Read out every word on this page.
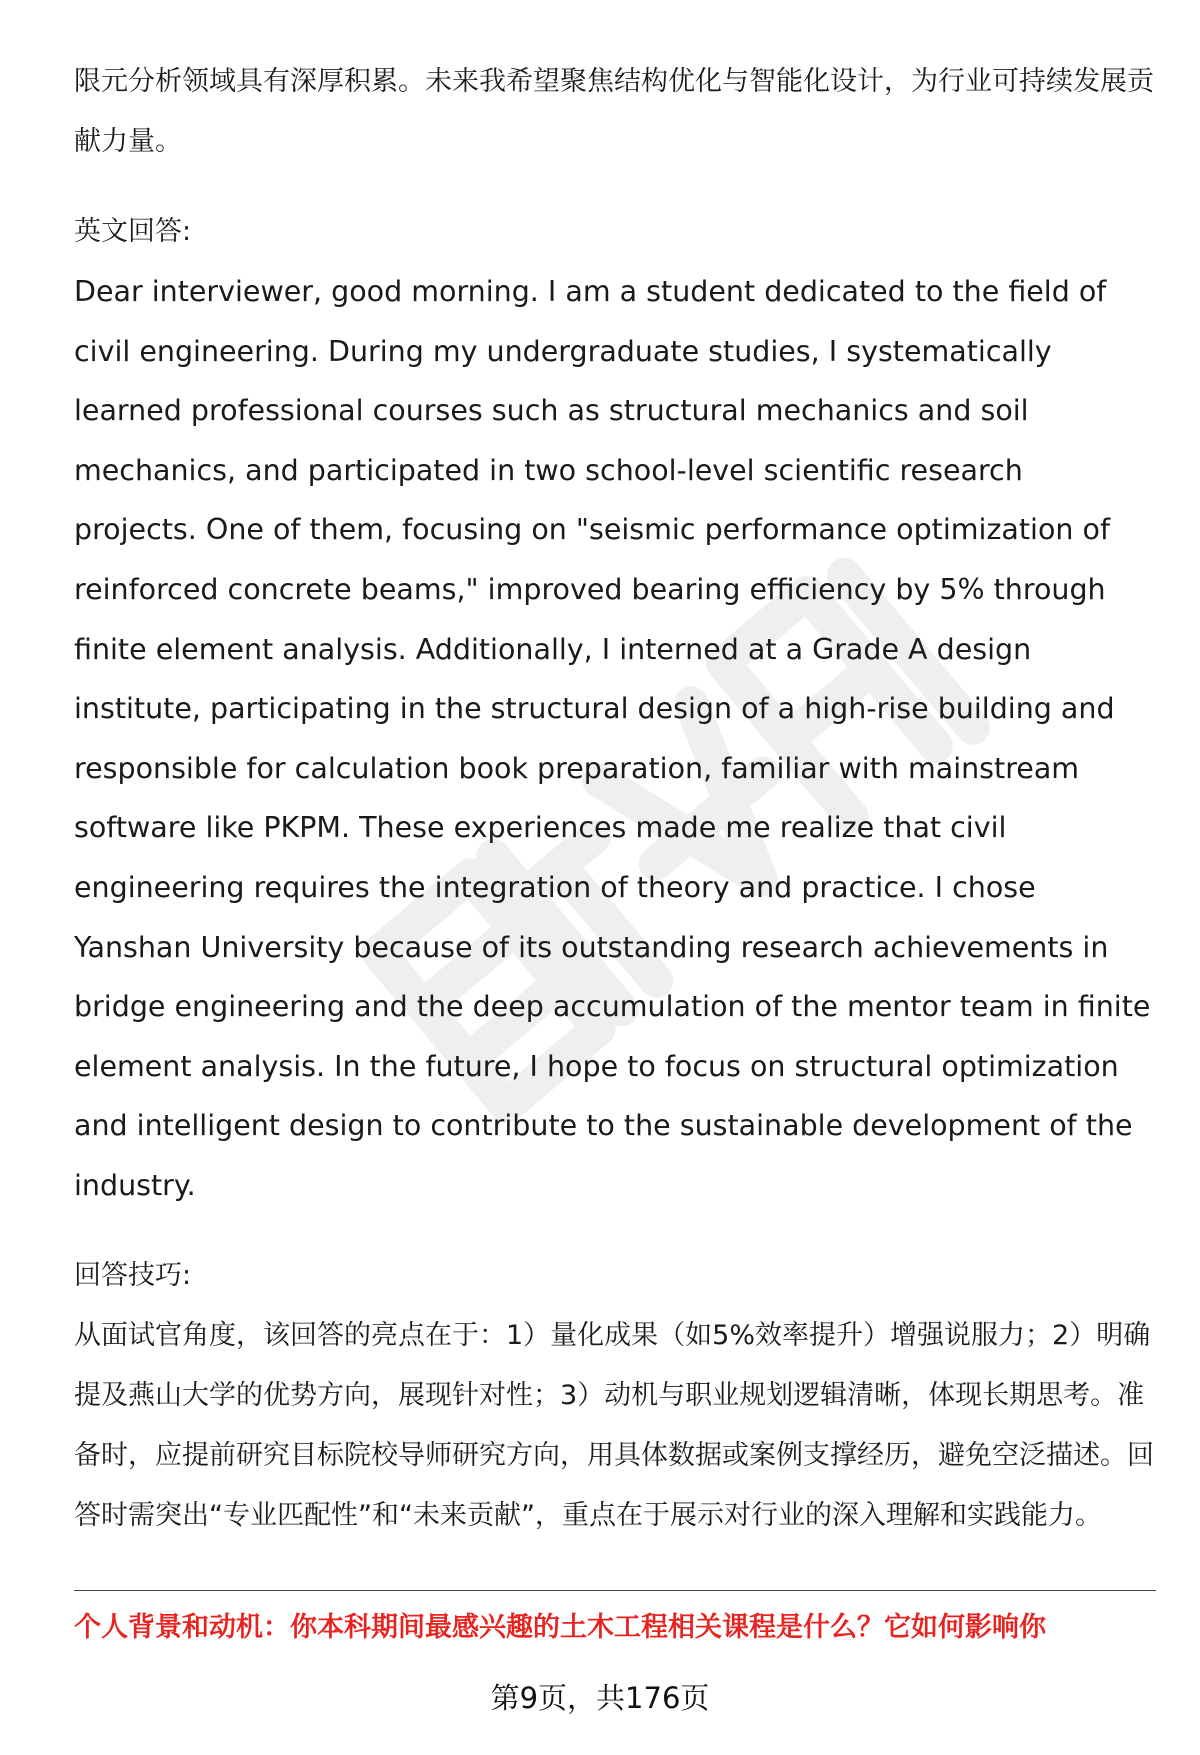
限元分析领域具有深厚积累。未来我希望聚焦结构优化与智能化设计，为行业可持续发展贡献力量。

英文回答:

Dear interviewer, good morning. I am a student dedicated to the field of civil engineering. During my undergraduate studies, I systematically learned professional courses such as structural mechanics and soil mechanics, and participated in two school-level scientific research projects. One of them, focusing on "seismic performance optimization of reinforced concrete beams," improved bearing efficiency by 5% through finite element analysis. Additionally, I interned at a Grade A design institute, participating in the structural design of a high-rise building and responsible for calculation book preparation, familiar with mainstream software like PKPM. These experiences made me realize that civil engineering requires the integration of theory and practice. I chose Yanshan University because of its outstanding research achievements in bridge engineering and the deep accumulation of the mentor team in finite element analysis. In the future, I hope to focus on structural optimization and intelligent design to contribute to the sustainable development of the industry.

回答技巧:

从面试官角度，该回答的亮点在于：1）量化成果（如5%效率提升）增强说服力；2）明确提及燕山大学的优势方向，展现针对性；3）动机与职业规划逻辑清晰，体现长期思考。准备时，应提前研究目标院校导师研究方向，用具体数据或案例支撑经历，避免空泛描述。回答时需突出“专业匹配性”和“未来贡献”，重点在于展示对行业的深入理解和实践能力。

个人背景和动机：你本科期间最感兴趣的土木工程相关课程是什么？它如何影响你
第9页，共176页
